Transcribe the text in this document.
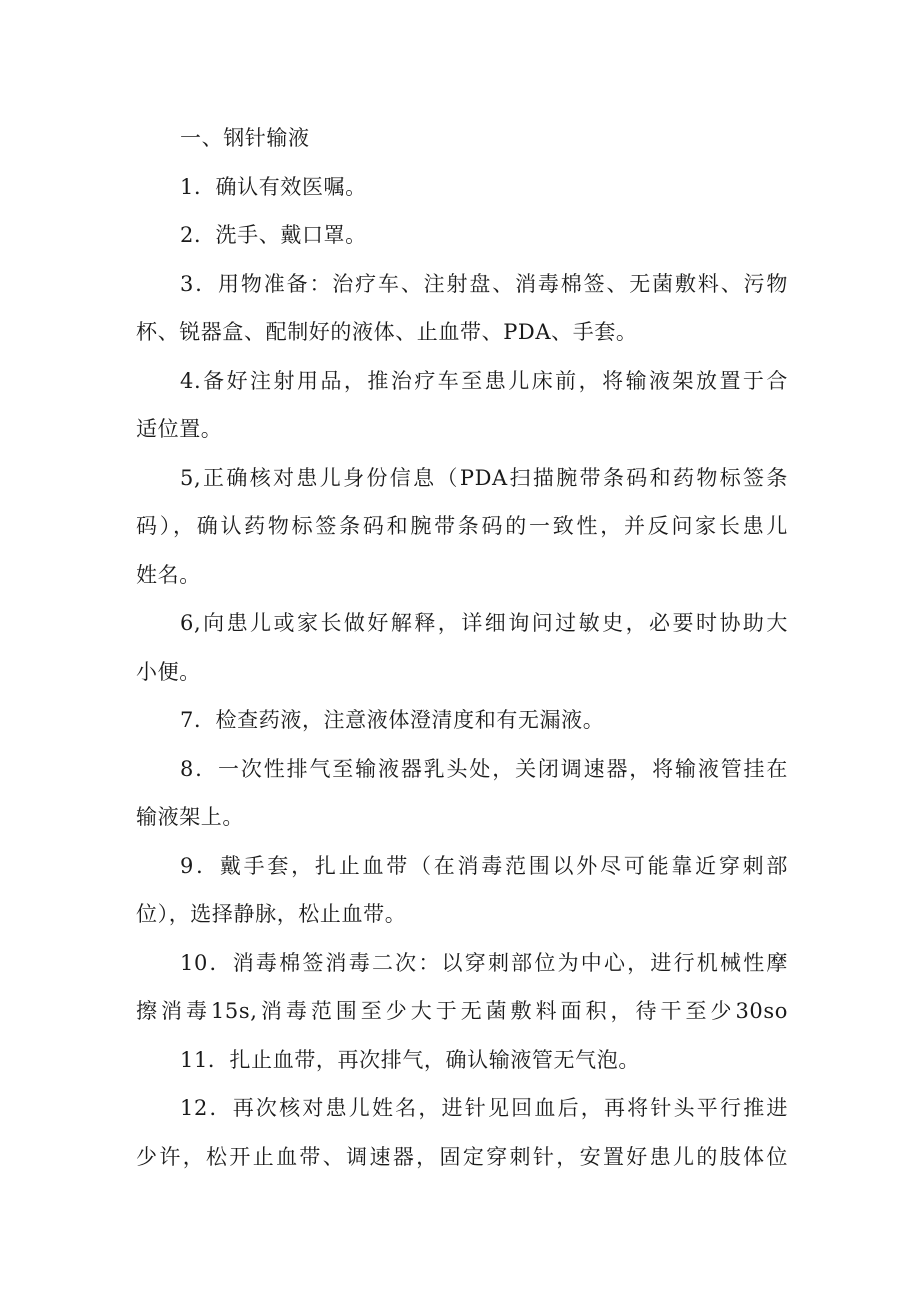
一、钢针输液
1．确认有效医嘱。
2．洗手、戴口罩。
3．用物准备：治疗车、注射盘、消毒棉签、无菌敷料、污物
杯、锐器盒、配制好的液体、止血带、PDA、手套。
4.备好注射用品，推治疗车至患儿床前，将输液架放置于合
适位置。
5,正确核对患儿身份信息（PDA扫描腕带条码和药物标签条
码），确认药物标签条码和腕带条码的一致性，并反问家长患儿
姓名。
6,向患儿或家长做好解释，详细询问过敏史，必要时协助大
小便。
7．检查药液，注意液体澄清度和有无漏液。
8．一次性排气至输液器乳头处，关闭调速器，将输液管挂在
输液架上。
9．戴手套，扎止血带（在消毒范围以外尽可能靠近穿刺部
位），选择静脉，松止血带。
10．消毒棉签消毒二次：以穿刺部位为中心，进行机械性摩
擦消毒15s,消毒范围至少大于无菌敷料面积，待干至少30so
11．扎止血带，再次排气，确认输液管无气泡。
12．再次核对患儿姓名，进针见回血后，再将针头平行推进
少许，松开止血带、调速器，固定穿刺针，安置好患儿的肢体位
